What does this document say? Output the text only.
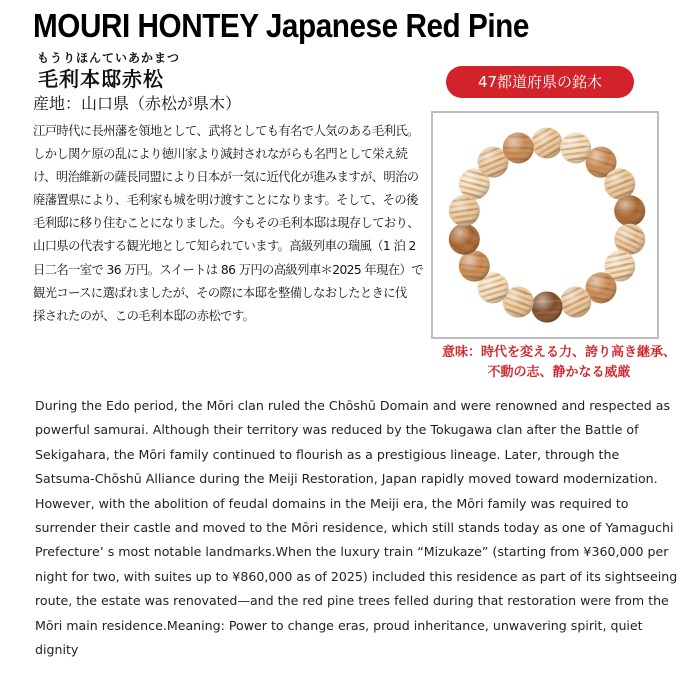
MOURI HONTEY Japanese Red Pine
もうりほんていあかまつ
毛利本邸赤松
産地：山口県（赤松が県木）
47都道府県の銘木
江戸時代に長州藩を領地として、武将としても有名で人気のある毛利氏。
しかし関ケ原の乱により徳川家より減封されながらも名門として栄え続
け、明治維新の薩長同盟により日本が一気に近代化が進みますが、明治の
廃藩置県により、毛利家も城を明け渡すことになります。そして、その後
毛利邸に移り住むことになりました。今もその毛利本邸は現存しており、
山口県の代表する観光地として知られています。高級列車の瑞風（1 泊 2
日二名一室で 36 万円。スイートは 86 万円の高級列車＊2025 年現在）で
観光コースに選ばれましたが、その際に本邸を整備しなおしたときに伐
採されたのが、この毛利本邸の赤松です。
意味：時代を変える力、誇り高き継承、
不動の志、静かなる威厳
During the Edo period, the Mōri clan ruled the Chōshū Domain and were renowned and respected as
powerful samurai. Although their territory was reduced by the Tokugawa clan after the Battle of
Sekigahara, the Mōri family continued to flourish as a prestigious lineage. Later, through the
Satsuma-Chōshū Alliance during the Meiji Restoration, Japan rapidly moved toward modernization.
However, with the abolition of feudal domains in the Meiji era, the Mōri family was required to
surrender their castle and moved to the Mōri residence, which still stands today as one of Yamaguchi
Prefecture’ s most notable landmarks.When the luxury train “Mizukaze” (starting from ¥360,000 per
night for two, with suites up to ¥860,000 as of 2025) included this residence as part of its sightseeing
route, the estate was renovated—and the red pine trees felled during that restoration were from the
Mōri main residence.Meaning: Power to change eras, proud inheritance, unwavering spirit, quiet
dignity
